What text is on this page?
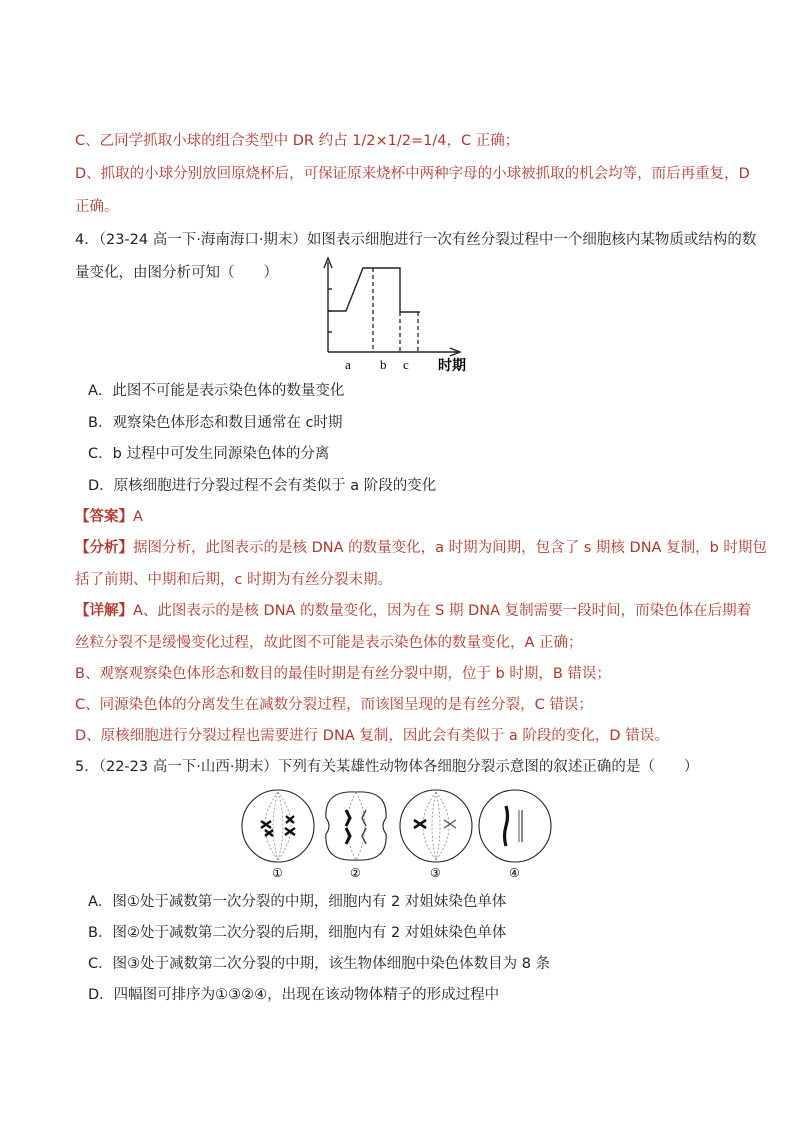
C、乙同学抓取小球的组合类型中 DR 约占 1/2×1/2=1/4，C 正确；
D、抓取的小球分别放回原烧杯后，可保证原来烧杯中两种字母的小球被抓取的机会均等，而后再重复，D
正确。
4．（23-24 高一下·海南海口·期末）如图表示细胞进行一次有丝分裂过程中一个细胞核内某物质或结构的数
量变化，由图分析可知（　　）
a b c 时期
A．此图不可能是表示染色体的数量变化
B．观察染色体形态和数目通常在 c时期
C．b 过程中可发生同源染色体的分离
D．原核细胞进行分裂过程不会有类似于 a 阶段的变化
【答案】A
【分析】据图分析，此图表示的是核 DNA 的数量变化，a 时期为间期，包含了 s 期核 DNA 复制，b 时期包
括了前期、中期和后期，c 时期为有丝分裂末期。
【详解】A、此图表示的是核 DNA 的数量变化，因为在 S 期 DNA 复制需要一段时间，而染色体在后期着
丝粒分裂不是缓慢变化过程，故此图不可能是表示染色体的数量变化，A 正确；
B、观察观察染色体形态和数目的最佳时期是有丝分裂中期，位于 b 时期，B 错误；
C、同源染色体的分离发生在减数分裂过程，而该图呈现的是有丝分裂，C 错误；
D、原核细胞进行分裂过程也需要进行 DNA 复制，因此会有类似于 a 阶段的变化，D 错误。
5．（22-23 高一下·山西·期末）下列有关某雄性动物体各细胞分裂示意图的叙述正确的是（　　）
①	②	③	④
A．图①处于减数第一次分裂的中期，细胞内有 2 对姐妹染色单体
B．图②处于减数第二次分裂的后期，细胞内有 2 对姐妹染色单体
C．图③处于减数第二次分裂的中期，该生物体细胞中染色体数目为 8 条
D．四幅图可排序为①③②④，出现在该动物体精子的形成过程中
